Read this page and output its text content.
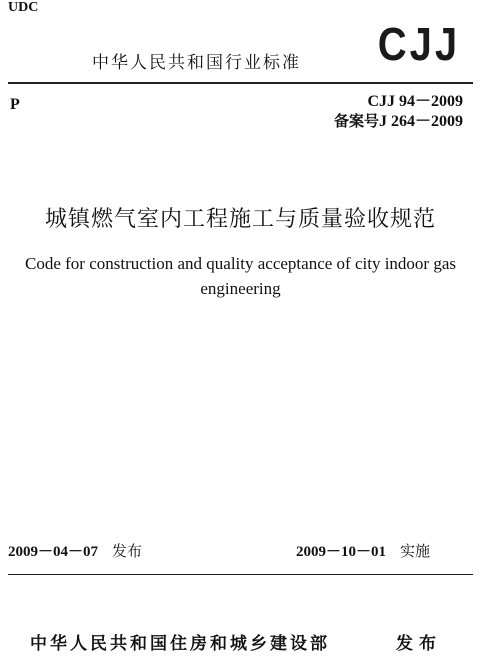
UDC
中华人民共和国行业标准 CJJ
P	CJJ 94－2009
备案号J 264－2009
城镇燃气室内工程施工与质量验收规范
Code for construction and quality acceptance of city indoor gas engineering
2009－04－07 发布	2009－10－01 实施
中华人民共和国住房和城乡建设部	发布
